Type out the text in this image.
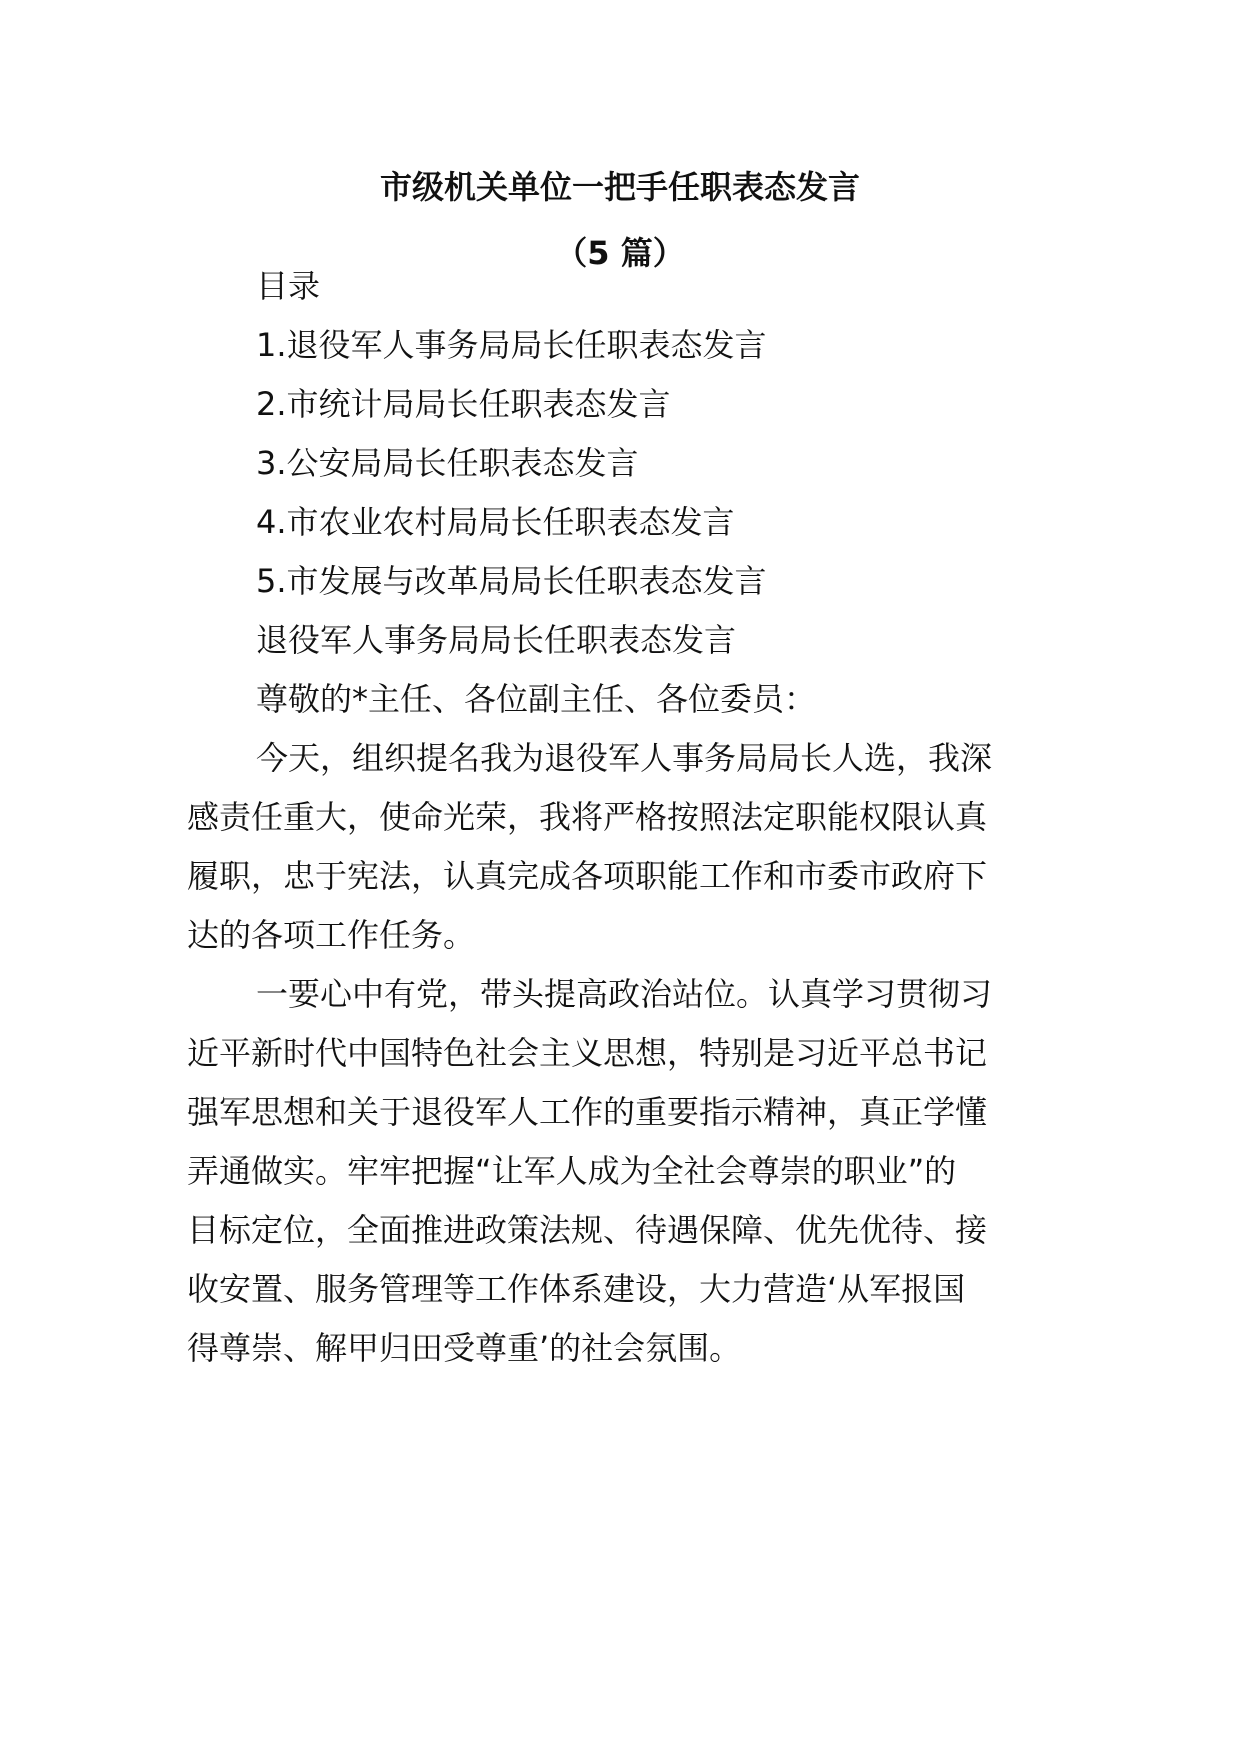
市级机关单位一把手任职表态发言
（5 篇）

目录

1.退役军人事务局局长任职表态发言

2.市统计局局长任职表态发言

3.公安局局长任职表态发言

4.市农业农村局局长任职表态发言

5.市发展与改革局局长任职表态发言

退役军人事务局局长任职表态发言

尊敬的*主任、各位副主任、各位委员：

今天，组织提名我为退役军人事务局局长人选，我深

感责任重大，使命光荣，我将严格按照法定职能权限认真

履职，忠于宪法，认真完成各项职能工作和市委市政府下

达的各项工作任务。

一要心中有党，带头提高政治站位。认真学习贯彻习

近平新时代中国特色社会主义思想，特别是习近平总书记

强军思想和关于退役军人工作的重要指示精神，真正学懂

弄通做实。牢牢把握“让军人成为全社会尊崇的职业”的

目标定位，全面推进政策法规、待遇保障、优先优待、接

收安置、服务管理等工作体系建设，大力营造‘从军报国

得尊崇、解甲归田受尊重’的社会氛围。
